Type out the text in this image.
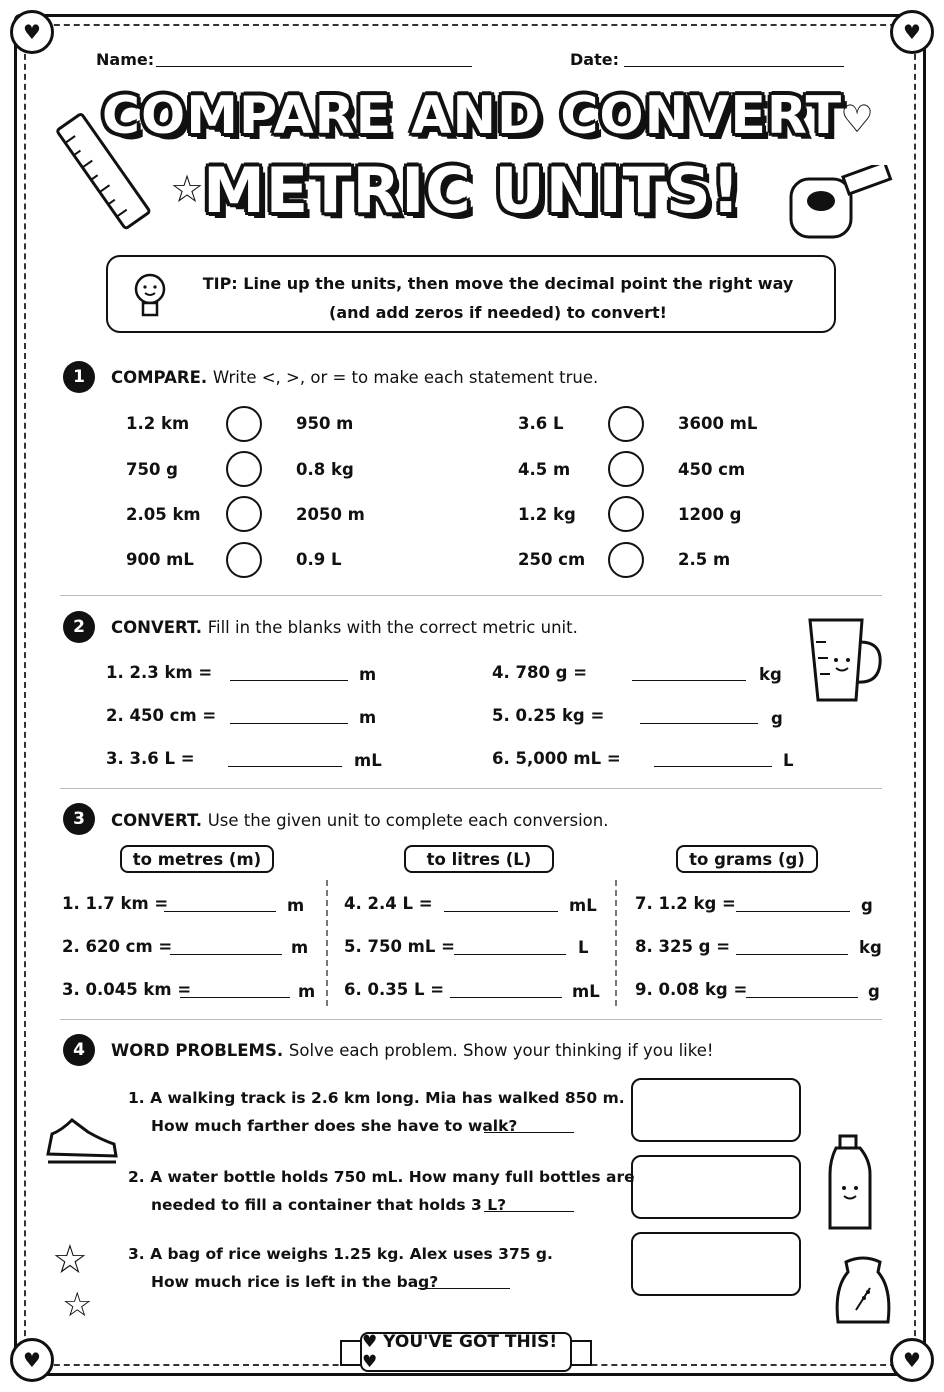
♥	♥
♥	♥
Name:	Date:
COMPARE AND CONVERT
METRIC UNITS!
☆
♡
TIP: Line up the units, then move the decimal point the right way
(and add zeros if needed) to convert!
1	COMPARE. Write <, >, or = to make each statement true.
1.2 km	950 m
750 g	0.8 kg
2.05 km	2050 m
900 mL	0.9 L
3.6 L	3600 mL
4.5 m	450 cm
1.2 kg	1200 g
250 cm	2.5 m
2	CONVERT. Fill in the blanks with the correct metric unit.
1. 2.3 km =	m
2. 450 cm =	m
3. 3.6 L =	mL
4. 780 g =	kg
5. 0.25 kg =	g
6. 5,000 mL =	L
3	CONVERT. Use the given unit to complete each conversion.
to metres (m)	to litres (L)	to grams (g)
1. 1.7 km =	m
2. 620 cm =	m
3. 0.045 km =	m
4. 2.4 L =	mL
5. 750 mL =	L
6. 0.35 L =	mL
7. 1.2 kg =	g
8. 325 g =	kg
9. 0.08 kg =	g
4	WORD PROBLEMS. Solve each problem. Show your thinking if you like!
1. A walking track is 2.6 km long. Mia has walked 850 m.
How much farther does she have to walk?
2. A water bottle holds 750 mL. How many full bottles are
needed to fill a container that holds 3 L?
3. A bag of rice weighs 1.25 kg. Alex uses 375 g.
How much rice is left in the bag?
☆
☆
♥ YOU'VE GOT THIS! ♥
